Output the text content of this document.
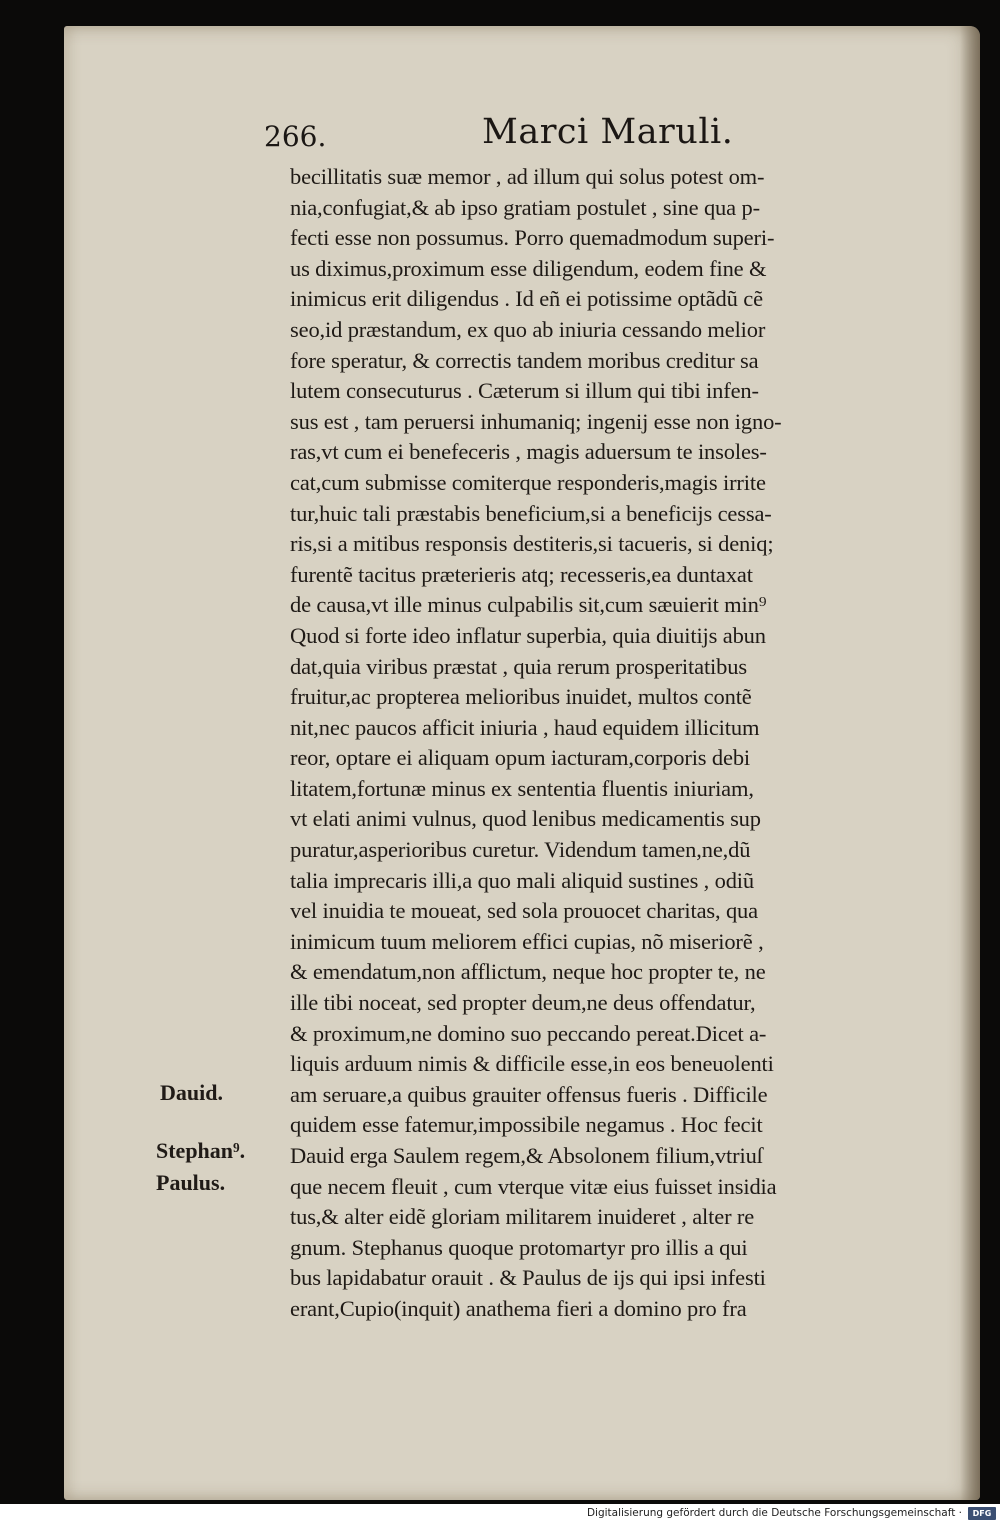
266.	Marci Maruli.
becillitatis suæ memor , ad illum qui solus potest om-
nia,confugiat,& ab ipso gratiam postulet , sine qua p-
fecti esse non possumus. Porro quemadmodum superi-
us diximus,proximum esse diligendum, eodem fine &
inimicus erit diligendus . Id eñ ei potissime optãdũ cẽ
seo,id præstandum, ex quo ab iniuria cessando melior
fore speratur, & correctis tandem moribus creditur sa
lutem consecuturus . Cæterum si illum qui tibi infen-
sus est , tam peruersi inhumaniq; ingenij esse non igno-
ras,vt cum ei benefeceris , magis aduersum te insoles-
cat,cum submisse comiterque responderis,magis irrite
tur,huic tali præstabis beneficium,si a beneficijs cessa-
ris,si a mitibus responsis destiteris,si tacueris, si deniq;
furentẽ tacitus præterieris atq; recesseris,ea duntaxat
de causa,vt ille minus culpabilis sit,cum sæuierit min⁹
Quod si forte ideo inflatur superbia, quia diuitijs abun
dat,quia viribus præstat , quia rerum prosperitatibus
fruitur,ac propterea melioribus inuidet, multos contẽ
nit,nec paucos afficit iniuria , haud equidem illicitum
reor, optare ei aliquam opum iacturam,corporis debi
litatem,fortunæ minus ex sententia fluentis iniuriam,
vt elati animi vulnus, quod lenibus medicamentis sup
puratur,asperioribus curetur. Videndum tamen,ne,dũ
talia imprecaris illi,a quo mali aliquid sustines , odiũ
vel inuidia te moueat, sed sola prouocet charitas, qua
inimicum tuum meliorem effici cupias, nõ miseriorẽ ,
& emendatum,non afflictum, neque hoc propter te, ne
ille tibi noceat, sed propter deum,ne deus offendatur,
& proximum,ne domino suo peccando pereat.Dicet a-
liquis arduum nimis & difficile esse,in eos beneuolenti
am seruare,a quibus grauiter offensus fueris . Difficile
quidem esse fatemur,impossibile negamus . Hoc fecit
Dauid erga Saulem regem,& Absolonem filium,vtriuſ
que necem fleuit , cum vterque vitæ eius fuisset insidia
tus,& alter eidẽ gloriam militarem inuideret , alter re
gnum. Stephanus quoque protomartyr pro illis a qui
bus lapidabatur orauit . & Paulus de ijs qui ipsi infesti
erant,Cupio(inquit) anathema fieri a domino pro fra
Dauid.
Stephan⁹.
Paulus.
Digitalisierung gefördert durch die Deutsche Forschungsgemeinschaft ·	DFG
